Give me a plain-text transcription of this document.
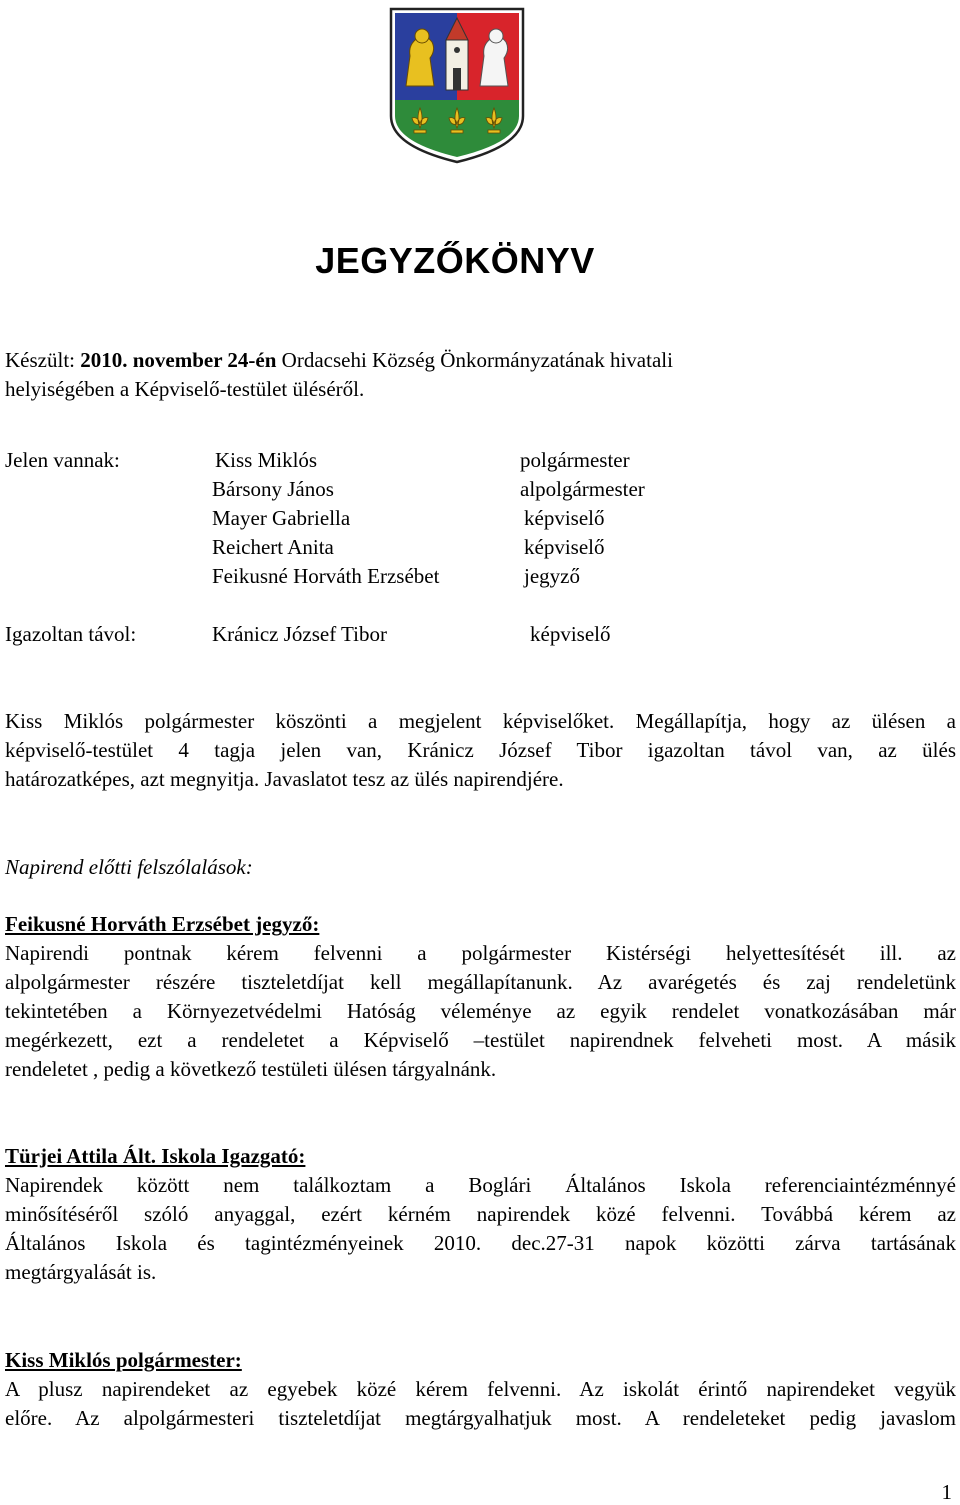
JEGYZŐKÖNYV
Készült: 2010. november 24-én Ordacsehi Község Önkormányzatának hivatali
helyiségében a Képviselő-testület üléséről.
Jelen vannak:	Kiss Miklós	polgármester
Bársony János	alpolgármester
Mayer Gabriella	képviselő
Reichert Anita	képviselő
Feikusné Horváth Erzsébet	jegyző
Igazoltan távol:	Kránicz József Tibor	képviselő
Kiss Miklós polgármester köszönti a megjelent képviselőket. Megállapítja, hogy az ülésen a
képviselő-testület 4 tagja jelen van, Kránicz József Tibor igazoltan távol van, az ülés
határozatképes, azt megnyitja. Javaslatot tesz az ülés napirendjére.
Napirend előtti felszólalások:
Feikusné Horváth Erzsébet jegyző:
Napirendi pontnak kérem felvenni a polgármester Kistérségi helyettesítését ill. az
alpolgármester részére tiszteletdíjat kell megállapítanunk. Az avarégetés és zaj rendeletünk
tekintetében a Környezetvédelmi Hatóság véleménye az egyik rendelet vonatkozásában már
megérkezett, ezt a rendeletet a Képviselő –testület napirendnek felveheti most. A másik
rendeletet , pedig a következő testületi ülésen tárgyalnánk.
Türjei Attila Ált. Iskola Igazgató:
Napirendek között nem találkoztam a Boglári Általános Iskola referenciaintézménnyé
minősítéséről szóló anyaggal, ezért kérném napirendek közé felvenni. Továbbá kérem az
Általános Iskola és tagintézményeinek 2010. dec.27-31 napok közötti zárva tartásának
megtárgyalását is.
Kiss Miklós polgármester:
A plusz napirendeket az egyebek közé kérem felvenni. Az iskolát érintő napirendeket vegyük
előre. Az alpolgármesteri tiszteletdíjat megtárgyalhatjuk most. A rendeleteket pedig javaslom
1
